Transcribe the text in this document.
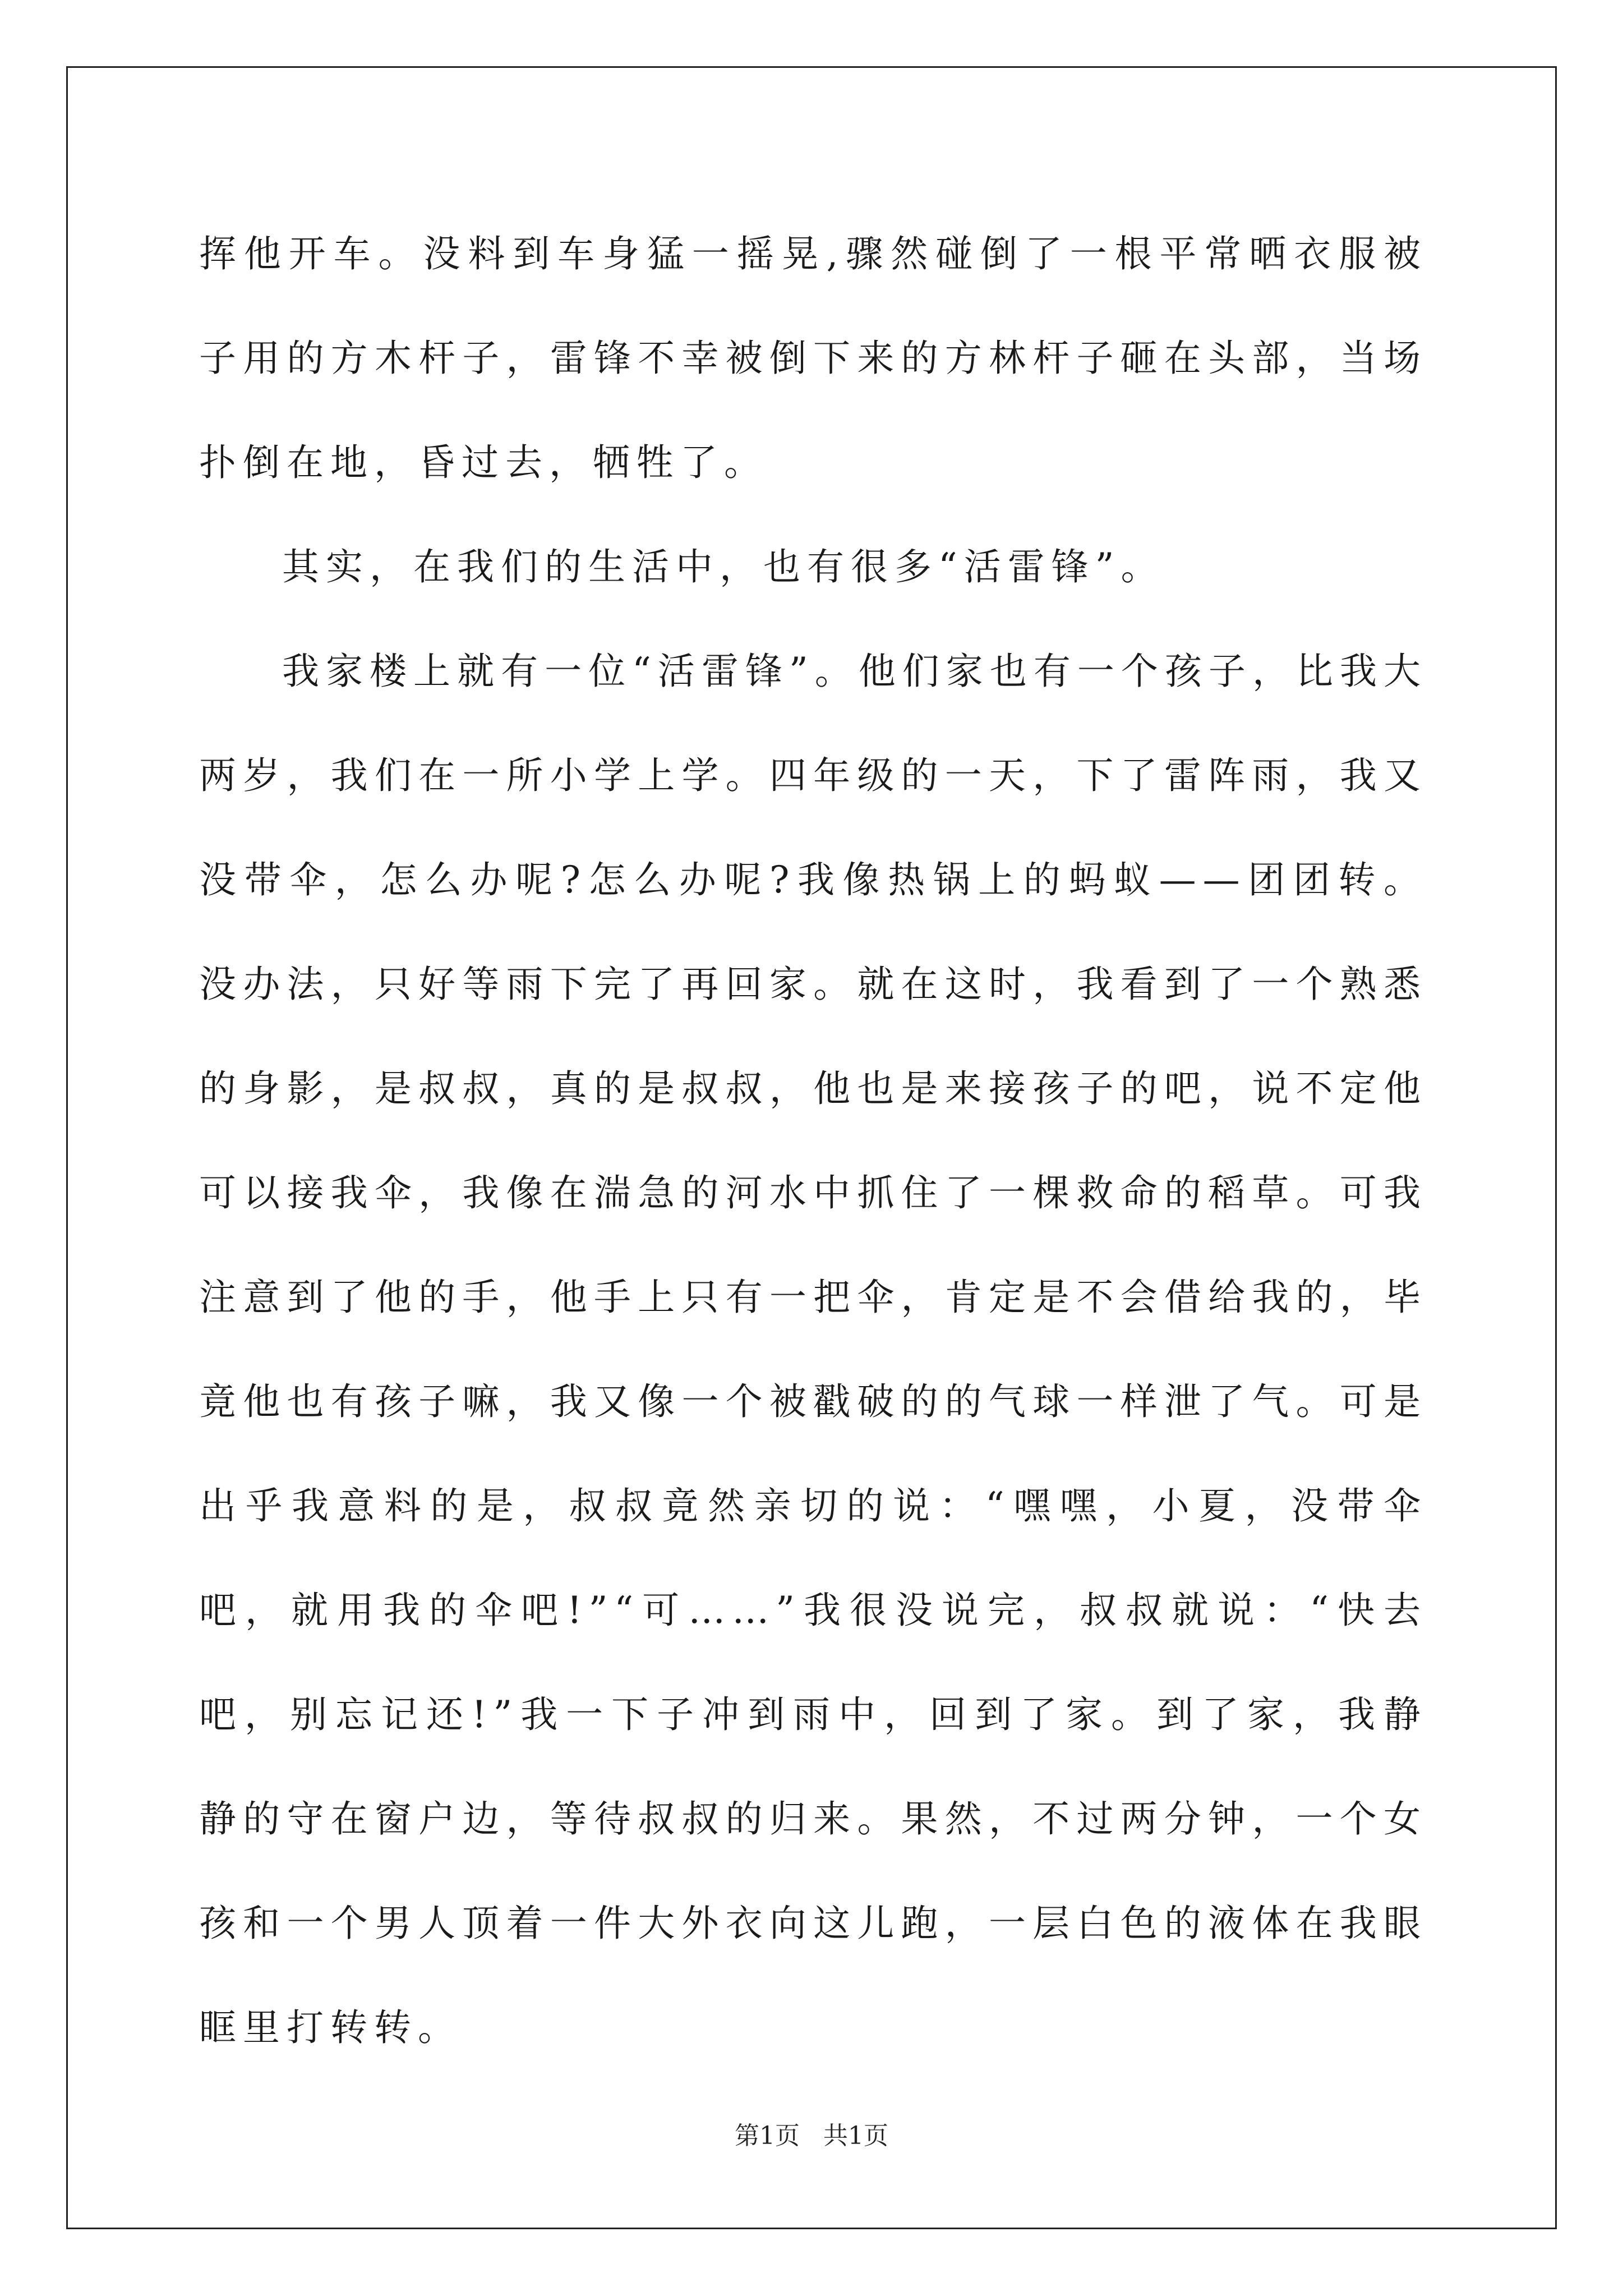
挥他开车。没料到车身猛一摇晃,骤然碰倒了一根平常晒衣服被子用的方木杆子，雷锋不幸被倒下来的方林杆子砸在头部，当场扑倒在地，昏过去，牺牲了。

其实，在我们的生活中，也有很多“活雷锋”。

我家楼上就有一位“活雷锋”。他们家也有一个孩子，比我大两岁，我们在一所小学上学。四年级的一天，下了雷阵雨，我又没带伞，怎么办呢?怎么办呢?我像热锅上的蚂蚁——团团转。没办法，只好等雨下完了再回家。就在这时，我看到了一个熟悉的身影，是叔叔，真的是叔叔，他也是来接孩子的吧，说不定他可以接我伞，我像在湍急的河水中抓住了一棵救命的稻草。可我注意到了他的手，他手上只有一把伞，肯定是不会借给我的，毕竟他也有孩子嘛，我又像一个被戳破的的气球一样泄了气。可是出乎我意料的是，叔叔竟然亲切的说：“嘿嘿，小夏，没带伞吧，就用我的伞吧!”“可……”我很没说完，叔叔就说：“快去吧，别忘记还!”我一下子冲到雨中，回到了家。到了家，我静静的守在窗户边，等待叔叔的归来。果然，不过两分钟，一个女孩和一个男人顶着一件大外衣向这儿跑，一层白色的液体在我眼眶里打转转。

第1页 共1页
